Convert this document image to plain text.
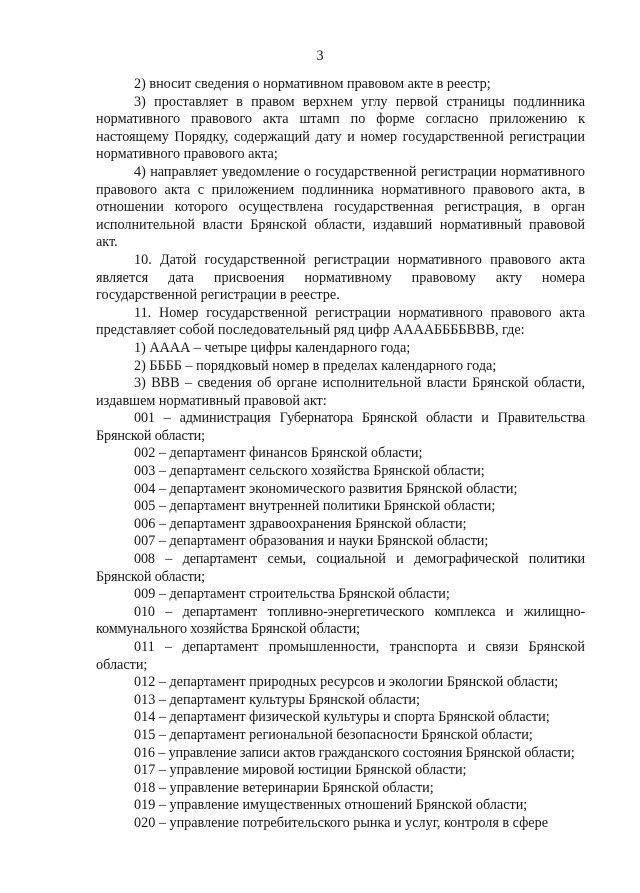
3

2) вносит сведения о нормативном правовом акте в реестр;

3) проставляет в правом верхнем углу первой страницы подлинника нормативного правового акта штамп по форме согласно приложению к настоящему Порядку, содержащий дату и номер государственной регистрации нормативного правового акта;

4) направляет уведомление о государственной регистрации нормативного правового акта с приложением подлинника нормативного правового акта, в отношении которого осуществлена государственная регистрация, в орган исполнительной власти Брянской области, издавший нормативный правовой акт.

10. Датой государственной регистрации нормативного правового акта является дата присвоения нормативному правовому акту номера государственной регистрации в реестре.

11. Номер государственной регистрации нормативного правового акта представляет собой последовательный ряд цифр ААААББББВВВ, где:

1) АААА – четыре цифры календарного года;

2) ББББ – порядковый номер в пределах календарного года;

3) ВВВ – сведения об органе исполнительной власти Брянской области, издавшем нормативный правовой акт:

001 – администрация Губернатора Брянской области и Правительства Брянской области;

002 – департамент финансов Брянской области;

003 – департамент сельского хозяйства Брянской области;

004 – департамент экономического развития Брянской области;

005 – департамент внутренней политики Брянской области;

006 – департамент здравоохранения Брянской области;

007 – департамент образования и науки Брянской области;

008 – департамент семьи, социальной и демографической политики Брянской области;

009 – департамент строительства Брянской области;

010 – департамент топливно-энергетического комплекса и жилищно-коммунального хозяйства Брянской области;

011 – департамент промышленности, транспорта и связи Брянской области;

012 – департамент природных ресурсов и экологии Брянской области;

013 – департамент культуры Брянской области;

014 – департамент физической культуры и спорта Брянской области;

015 – департамент региональной безопасности Брянской области;

016 – управление записи актов гражданского состояния Брянской области;

017 – управление мировой юстиции Брянской области;

018 – управление ветеринарии Брянской области;

019 – управление имущественных отношений Брянской области;

020 – управление потребительского рынка и услуг, контроля в сфере
